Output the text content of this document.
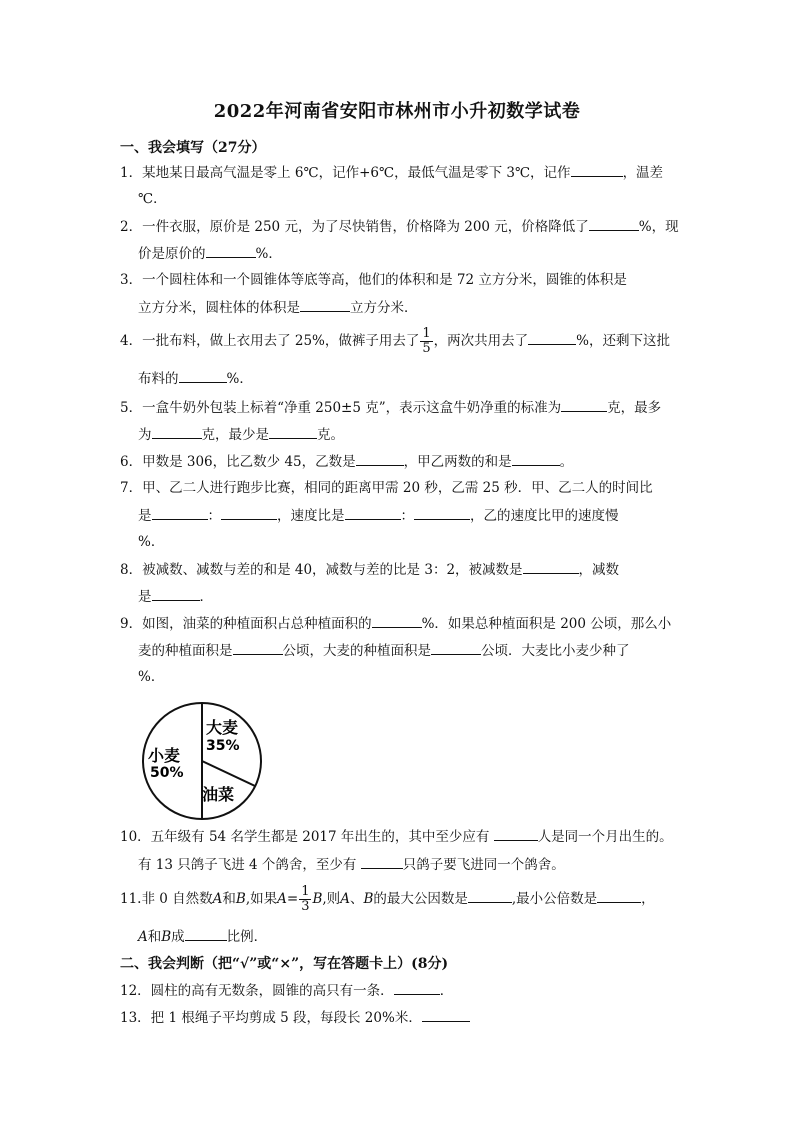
2022年河南省安阳市林州市小升初数学试卷
一、我会填写（27分）
1．某地某日最高气温是零上 6℃，记作+6℃，最低气温是零下 3℃，记作	，温差
℃．
2．一件衣服，原价是 250 元，为了尽快销售，价格降为 200 元，价格降低了	%，现
价是原价的	%．
3．一个圆柱体和一个圆锥体等底等高，他们的体积和是 72 立方分米，圆锥的体积是
立方分米，圆柱体的体积是	立方分米．
4．一批布料，做上衣用去了 25%，做裤子用去了 $\frac{1}{5}$ ，两次共用去了	%，还剩下这批
布料的	%．
5．一盒牛奶外包装上标着“净重 250±5 克”，表示这盒牛奶净重的标准为	克，最多
为	克，最少是	克。
6．甲数是 306，比乙数少 45，乙数是	，甲乙两数的和是	。
7．甲、乙二人进行跑步比赛，相同的距离甲需 20 秒，乙需 25 秒．甲、乙二人的时间比
是	：	，速度比是	：	，乙的速度比甲的速度慢
%．
8．被减数、减数与差的和是 40，减数与差的比是 3：2，被减数是	，减数
是	．
9．如图，油菜的种植面积占总种植面积的	%．如果总种植面积是 200 公顷，那么小
麦的种植面积是	公顷，大麦的种植面积是	公顷．大麦比小麦少种了
%．
大麦
35%
小麦
50%
油菜
10．五年级有 54 名学生都是 2017 年出生的，其中至少应有	人是同一个月出生的。
有 13 只鸽子飞进 4 个鸽舍，至少有	只鸽子要飞进同一个鸽舍。
11.非 0 自然数A和B,如果$A= \frac{1}{3} B$,则A、B的最大公因数是	,最小公倍数是	，
A和B成	比例．
二、我会判断（把“√”或“×”，写在答题卡上）(8分)
12．圆柱的高有无数条，圆锥的高只有一条．	．
13．把 1 根绳子平均剪成 5 段，每段长 20%米．
